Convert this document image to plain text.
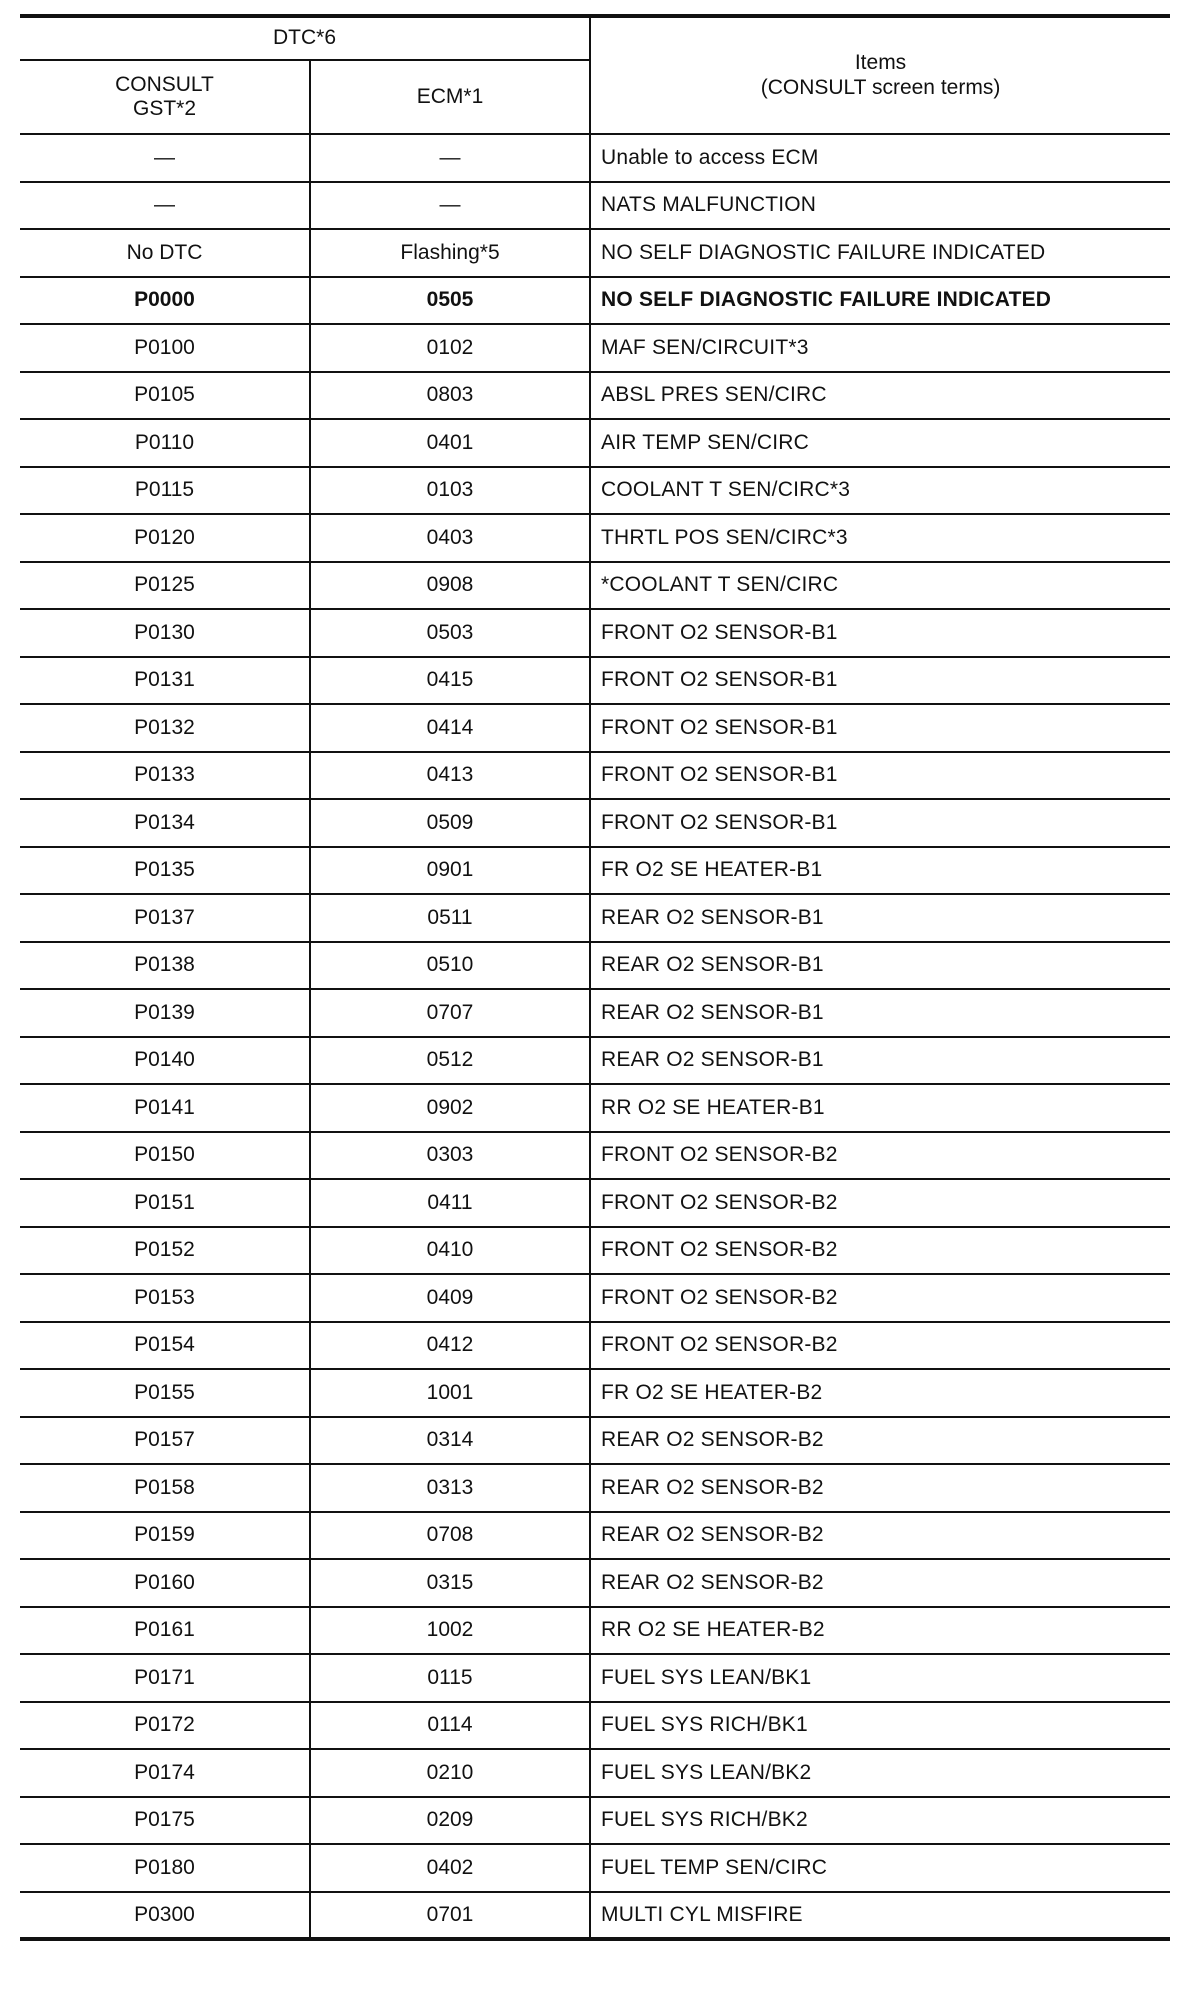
DTC*6		Items
(CONSULT screen terms)

CONSULT
GST*2	ECM*1	
—	—	Unable to access ECM
—	—	NATS MALFUNCTION
No DTC	Flashing*5	NO SELF DIAGNOSTIC FAILURE INDICATED
P0000	0505	NO SELF DIAGNOSTIC FAILURE INDICATED
P0100	0102	MAF SEN/CIRCUIT*3
P0105	0803	ABSL PRES SEN/CIRC
P0110	0401	AIR TEMP SEN/CIRC
P0115	0103	COOLANT T SEN/CIRC*3
P0120	0403	THRTL POS SEN/CIRC*3
P0125	0908	*COOLANT T SEN/CIRC
P0130	0503	FRONT O2 SENSOR-B1
P0131	0415	FRONT O2 SENSOR-B1
P0132	0414	FRONT O2 SENSOR-B1
P0133	0413	FRONT O2 SENSOR-B1
P0134	0509	FRONT O2 SENSOR-B1
P0135	0901	FR O2 SE HEATER-B1
P0137	0511	REAR O2 SENSOR-B1
P0138	0510	REAR O2 SENSOR-B1
P0139	0707	REAR O2 SENSOR-B1
P0140	0512	REAR O2 SENSOR-B1
P0141	0902	RR O2 SE HEATER-B1
P0150	0303	FRONT O2 SENSOR-B2
P0151	0411	FRONT O2 SENSOR-B2
P0152	0410	FRONT O2 SENSOR-B2
P0153	0409	FRONT O2 SENSOR-B2
P0154	0412	FRONT O2 SENSOR-B2
P0155	1001	FR O2 SE HEATER-B2
P0157	0314	REAR O2 SENSOR-B2
P0158	0313	REAR O2 SENSOR-B2
P0159	0708	REAR O2 SENSOR-B2
P0160	0315	REAR O2 SENSOR-B2
P0161	1002	RR O2 SE HEATER-B2
P0171	0115	FUEL SYS LEAN/BK1
P0172	0114	FUEL SYS RICH/BK1
P0174	0210	FUEL SYS LEAN/BK2
P0175	0209	FUEL SYS RICH/BK2
P0180	0402	FUEL TEMP SEN/CIRC
P0300	0701	MULTI CYL MISFIRE
